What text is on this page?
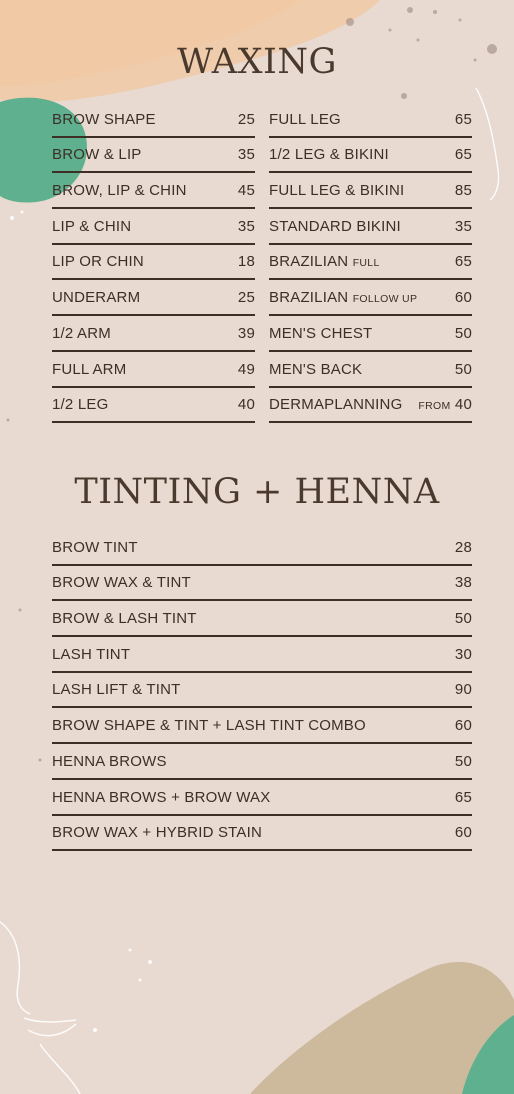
WAXING
BROW SHAPE	25
BROW & LIP	35
BROW, LIP & CHIN	45
LIP & CHIN	35
LIP OR CHIN	18
UNDERARM	25
1/2 ARM	39
FULL ARM	49
1/2 LEG	40
FULL LEG	65
1/2 LEG & BIKINI	65
FULL LEG & BIKINI	85
STANDARD BIKINI	35
BRAZILIAN FULL	65
BRAZILIAN FOLLOW UP	60
MEN'S CHEST	50
MEN'S BACK	50
DERMAPLANNING FROM 40
TINTING + HENNA
BROW TINT	28
BROW WAX & TINT	38
BROW & LASH TINT	50
LASH TINT	30
LASH LIFT & TINT	90
BROW SHAPE & TINT + LASH TINT COMBO	60
HENNA BROWS	50
HENNA BROWS + BROW WAX	65
BROW WAX + HYBRID STAIN	60
